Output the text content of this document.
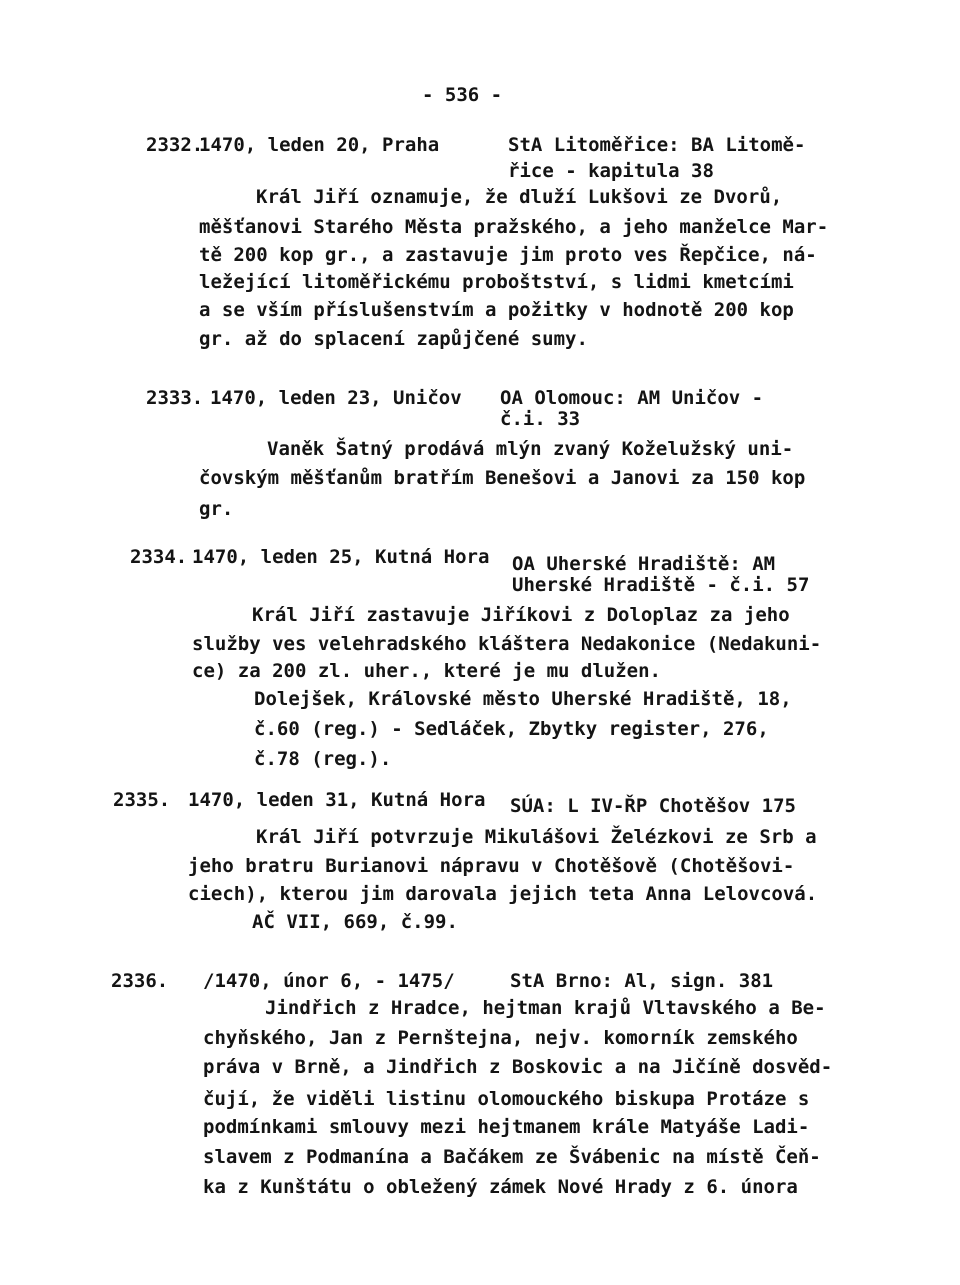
- 536 -
2332.
1470, leden 20, Praha	StA Litoměřice: BA Litomě-
řice - kapitula 38
Král Jiří oznamuje, že dluží Lukšovi ze Dvorů,
měšťanovi Starého Města pražského, a jeho manželce Mar-
tě 200 kop gr., a zastavuje jim proto ves Řepčice, ná-
ležející litoměřickému proboštství, s lidmi kmetcími
a se vším příslušenstvím a požitky v hodnotě 200 kop
gr. až do splacení zapůjčené sumy.
2333. 1470, leden 23, Uničov OA Olomouc: AM Uničov -
č.i. 33
Vaněk Šatný prodává mlýn zvaný Koželužský uni-
čovským měšťanům bratřím Benešovi a Janovi za 150 kop
gr.
2334. 1470, leden 25, Kutná Hora OA Uherské Hradiště: AM
Uherské Hradiště - č.i. 57
Král Jiří zastavuje Jiříkovi z Doloplaz za jeho
služby ves velehradského kláštera Nedakonice (Nedakuni-
ce) za 200 zl. uher., které je mu dlužen.
Dolejšek, Královské město Uherské Hradiště, 18,
č.60 (reg.) - Sedláček, Zbytky register, 276,
č.78 (reg.).
2335. 1470, leden 31, Kutná Hora SÚA: L IV-ŘP Chotěšov 175
Král Jiří potvrzuje Mikulášovi Želézkovi ze Srb a
jeho bratru Burianovi nápravu v Chotěšově (Chotěšovi-
ciech), kterou jim darovala jejich teta Anna Lelovcová.
AČ VII, 669, č.99.
2336. /1470, únor 6, - 1475/	StA Brno: Al, sign. 381
Jindřich z Hradce, hejtman krajů Vltavského a Be-
chyňského, Jan z Pernštejna, nejv. komorník zemského
práva v Brně, a Jindřich z Boskovic a na Jičíně dosvěd-
čují, že viděli listinu olomouckého biskupa Protáze s
podmínkami smlouvy mezi hejtmanem krále Matyáše Ladi-
slavem z Podmanína a Bačákem ze Švábenic na místě Čeň-
ka z Kunštátu o obležený zámek Nové Hrady z 6. února
